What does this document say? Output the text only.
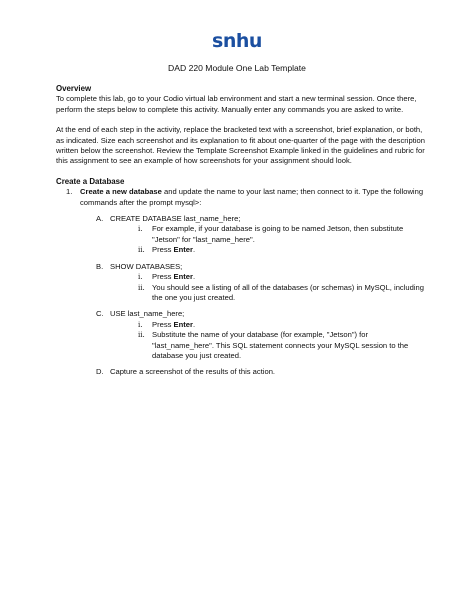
snhu
DAD 220 Module One Lab Template
Overview

To complete this lab, go to your Codio virtual lab environment and start a new terminal session. Once there, perform the steps below to complete this activity. Manually enter any commands you are asked to write.

At the end of each step in the activity, replace the bracketed text with a screenshot, brief explanation, or both, as indicated. Size each screenshot and its explanation to fit about one-quarter of the page with the description written below the screenshot. Review the Template Screenshot Example linked in the guidelines and rubric for this assignment to see an example of how screenshots for your assignment should look.

Create a Database
1.	Create a new database and update the name to your last name; then connect to it. Type the following commands after the prompt mysql>:
A. CREATE DATABASE last_name_here;
i.	For example, if your database is going to be named Jetson, then substitute "Jetson" for "last_name_here".
ii. Press Enter.
B. SHOW DATABASES;
i.	Press Enter.
ii. You should see a listing of all of the databases (or schemas) in MySQL, including the one you just created.
C. USE last_name_here;
i.	Press Enter.
ii. Substitute the name of your database (for example, "Jetson") for "last_name_here". This SQL statement connects your MySQL session to the database you just created.
D. Capture a screenshot of the results of this action.
